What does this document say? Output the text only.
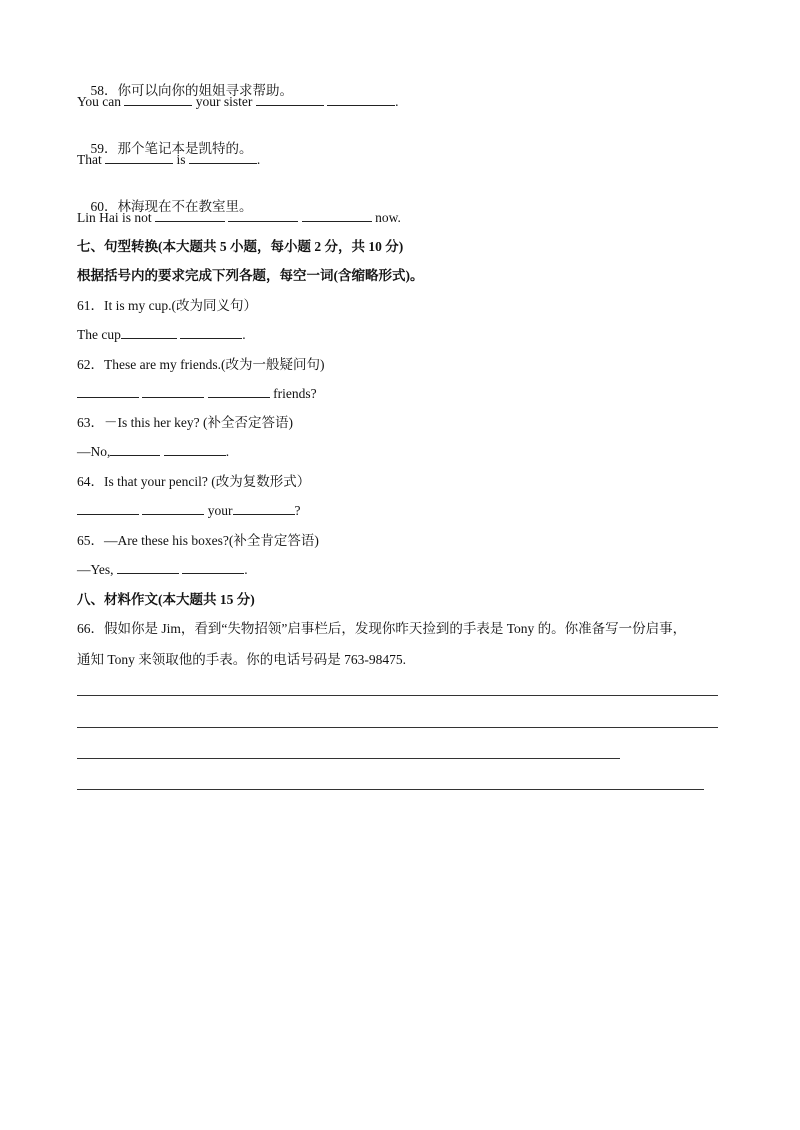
58．你可以向你的姐姐寻求帮助。

You can	your sister	.

59．那个笔记本是凯特的。

That	is	.

60．林海现在不在教室里。

Lin Hai is not	now.
七、句型转换(本大题共 5 小题，每小题 2 分，共 10 分)
根据括号内的要求完成下列各题，每空一词(含缩略形式)。
61．It is my cup.(改为同义句）
The cup	.
62．These are my friends.(改为一般疑问句)
friends?
63．－Is this her key? (补全否定答语)
—No,	.
64．Is that your pencil? (改为复数形式）
your	?
65．—Are these his boxes?(补全肯定答语)
—Yes,	.
八、材料作文(本大题共 15 分)
66．假如你是 Jim，看到“失物招领”启事栏后，发现你昨天捡到的手表是 Tony 的。你准备写一份启事，
通知 Tony 来领取他的手表。你的电话号码是 763-98475.
